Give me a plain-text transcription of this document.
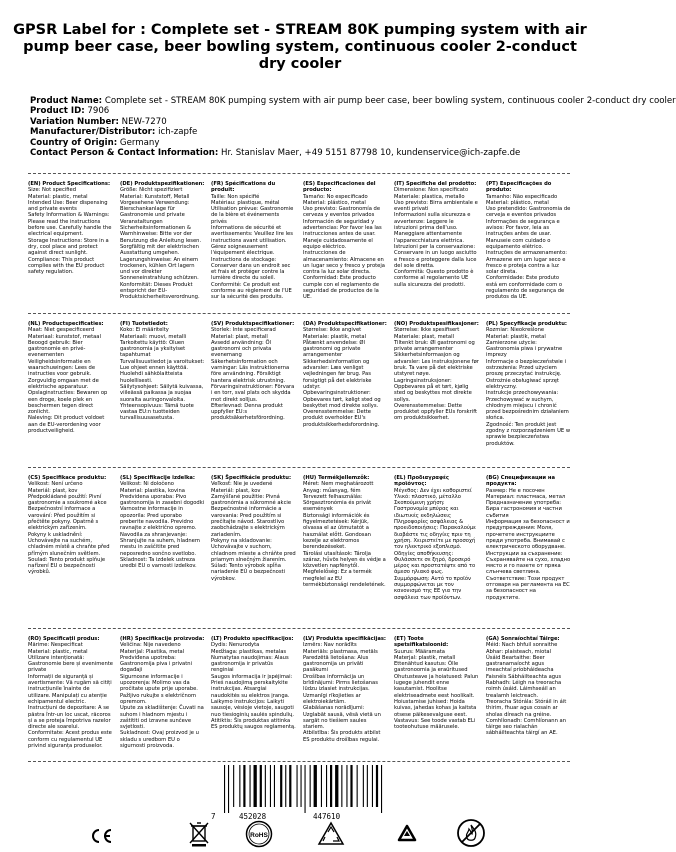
GPSR Label for : Complete set - STREAM 80K pumping system with air
pump beer case, beer bowling system, continuous cooler 2-conduct
dry cooler
Product Name: Complete set - STREAM 80K pumping system with air pump beer case, beer bowling system, continuous cooler 2-conduct dry cooler
Product ID: 7906
Variation Number: NEW-7270
Manufacturer/Distributor: ich-zapfe
Country of Origin: Germany
Contact Person & Contact Information: Hr. Stanislav Maer, +49 5151 87798 10, kundenservice@ich-zapfe.de
(EN) Product Specifications:
Size: Not specified
Material: plastic, metal
Intended Use: Beer dispensing and private events
Safety Information & Warnings: Please read the instructions before use. Carefully handle the electrical equipment.
Storage Instructions: Store in a dry, cool place and protect against direct sunlight.
Compliance: This product complies with the EU product safety regulation.
(DE) Produktspezifikationen:
Größe: Nicht spezifiziert
Material: Kunststoff, Metall
Vorgesehene Verwendung: Bierschankanlage für Gastronomie und private Veranstaltungen
Sicherheitsinformationen & Warnhinweise: Bitte vor der Benutzung die Anleitung lesen. Sorgfältig mit der elektrischen Ausstattung umgehen.
Lagerungshinweise: An einem trockenen, kühlen Ort lagern und vor direkter Sonneneinstrahlung schützen.
Konformität: Dieses Produkt entspricht der EU-Produktsicherheitsverordnung.
(FR) Spécifications du produit:
Taille: Non spécifié
Matériau: plastique, métal
Utilisation prévue: Gastronomie de la bière et événements privés
Informations de sécurité et avertissements: Veuillez lire les instructions avant utilisation. Gérez soigneusement l'équipement électrique.
Instructions de stockage: Conserver dans un endroit sec et frais et protéger contre la lumière directe du soleil.
Conformité: Ce produit est conforme au règlement de l'UE sur la sécurité des produits.
(ES) Especificaciones del producto:
Tamaño: No especificado
Material: plástico, metal
Uso previsto: Gastronomía de cerveza y eventos privados
Información de seguridad y advertencias: Por favor lea las instrucciones antes de usar. Maneje cuidadosamente el equipo eléctrico.
Instrucciones de almacenamiento: Almacene en un lugar seco y fresco y proteja contra la luz solar directa.
Conformidad: Este producto cumple con el reglamento de seguridad de productos de la UE.
(IT) Specifiche del prodotto:
Dimensione: Non specificato
Materiale: plastica, metallo
Uso previsto: Birra ambientale e eventi privati
Informazioni sulla sicurezza e avvertenze: Leggere le istruzioni prima dell'uso. Maneggiare attentamente l'apparecchiatura elettrica.
Istruzioni per la conservazione: Conservare in un luogo asciutto e fresco e proteggere dalla luce del sole diretta.
Conformità: Questo prodotto è conforme al regolamento UE sulla sicurezza dei prodotti.
(PT) Especificações do produto:
Tamanho: Não especificado
Material: plástico, metal
Uso pretendido: Gastronomia de cerveja e eventos privados
Informações de segurança e avisos: Por favor, leia as instruções antes de usar. Manuseie com cuidado o equipamento elétrico.
Instruções de armazenamento: Armazene em um lugar seco e fresco e proteja contra a luz solar direta.
Conformidade: Este produto está em conformidade com o regulamento de segurança de produtos da UE.
(NL) Productspecificaties:
Maat: Niet gespecificeerd
Materiaal: kunststof, metaal
Beoogd gebruik: Bier gastronomie en privé-evenementen
Veiligheidsinformatie en waarschuwingen: Lees de instructies voor gebruik. Zorgvuldig omgaan met de elektrische apparatuur.
Opslaginstructies: Bewaren op een droge, koele plek en beschermen tegen direct zonlicht.
Naleving: Dit product voldoet aan de EU-verordening voor productveiligheid.
(FI) Tuotetiedot:
Koko: Ei määritelty
Materiaali: muovi, metalli
Tarkoitettu käyttö: Oluen gastronomia ja yksityiset tapahtumat
Turvallisuustiedot ja varoitukset: Lue ohjeet ennen käyttöä. Huolehdi sähkölaitteista huolellisesti.
Säilytysohjeet: Säilytä kuivassa, viileässä paikassa ja suojaa suoralta auringonvalolta.
Yhteensopivuus: Tämä tuote vastaa EU:n tuotteiden turvallisuusasetusta.
(SV) Produktspecifikationer:
Storlek: Inte specificerad
Material: plast, metall
Avsedd användning: Öl gastronomi och privata evenemang
Säkerhetsinformation och varningar: Läs instruktionerna före användning. Försiktigt hantera elektrisk utrustning.
Förvaringsinstruktioner: Förvara i en torr, sval plats och skydda mot direkt solljus.
Efterlevnad: Denna produkt uppfyller EU:s produktsäkerhetsförordning.
(DA) Produktspecifikationer:
Størrelse: Ikke angivet
Materiale: plastik, metal
Påtænkt anvendelse: Øl gastronomi og private arrangementer
Sikkerhedsinformation og advarsler: Læs venligst vejledningen før brug. Pas forsigtigt på det elektriske udstyr.
Opbevaringsinstruktioner: Opbevares tørt, køligt sted og beskyttet mod direkte sollys.
Overensstemmelse: Dette produkt overholder EU's produktsikkerhedsforordning.
(NO) Produktspesifikasjoner:
Størrelse: Ikke spesifisert
Materiale: plast, metall
Tiltenkt bruk: Øl gastronomi og private arrangementer
Sikkerhetsinformasjon og advarsler: Les instruksjonene før bruk. Ta vare på det elektriske utstyret nøye.
Lagringsinstruksjoner: Oppbevares på et tørt, kjølig sted og beskyttes mot direkte sollys.
Overensstemmelse: Dette produktet oppfyller EUs forskrift om produktsikkerhet.
(PL) Specyfikacje produktu:
Rozmiar: Nieokreślone
Materiał: plastik, metal
Zamierzone użycie: Gastronomia piwa i prywatne imprezy
Informacje o bezpieczeństwie i ostrzeżenia: Przed użyciem proszę przeczytać instrukcję. Ostrożnie obsługiwać sprzęt elektryczny.
Instrukcje przechowywania: Przechowywać w suchym, chłodnym miejscu i chronić przed bezpośrednim działaniem słońca.
Zgodność: Ten produkt jest zgodny z rozporządzeniem UE w sprawie bezpieczeństwa produktów.
(CS) Specifikace produktu:
Velikost: Není určeno
Materiál: plast, kov
Předpokládané použití: Pivní gastronomie a soukromé akce
Bezpečnostní informace a varování: Před použitím si přečtěte pokyny. Opatrně s elektrickým zařízením.
Pokyny k uskladnění: Uchovávejte na suchém, chladném místě a chraňte před přímým slunečním světlem.
Soulad: Tento produkt splňuje nařízení EU o bezpečnosti výrobků.
(SL) Specifikacije izdelka:
Velikost: Ni določeno
Material: plastika, kovina
Predvidena uporaba: Pivo gastronomija in zasebni dogodki
Varnostne informacije in opozorila: Pred uporabo preberite navodila. Previdno ravnajte z električno opremo.
Navodila za shranjevanje: Shranjujte na suhem, hladnem mestu in zaščitite pred neposredno sončno svetlobo.
Skladnost: Ta izdelek ustreza uredbi EU o varnosti izdelkov.
(SK) Špecifikácie produktu:
Veľkosť: Nie je uvedené
Materiál: plast, kov
Zamýšľané použitie: Pivná gastronómia a súkromné akcie
Bezpečnostné informácie a varovania: Pred použitím si prečítajte návod. Starostlivo zaobchádzajte s elektrickým zariadením.
Pokyny na skladovanie: Uchovávajte v suchom, chladnom mieste a chráňte pred priamym slnečným žiarením.
Súlad: Tento výrobok spĺňa nariadenie EÚ o bezpečnosti výrobkov.
(HU) Termékjellemzők:
Méret: Nem meghatározott
Anyag: műanyag, fém
Tervezett felhasználás: Sörgasztronómia és privát események
Biztonsági információk és figyelmeztetések: Kérjük, olvassa el az útmutatót a használat előtt. Gondosan kezelje az elektromos berendezéseket.
Tárolási utasítások: Tárolja száraz, hűvös helyen és védje a közvetlen napfénytől.
Megfelelőség: Ez a termék megfelel az EU termékbiztonsági rendeletének.
(EL) Προδιαγραφές προϊόντος:
Μέγεθος: Δεν έχει καθοριστεί
Υλικό: πλαστικό, μέταλλο
Σκοπούμενη χρήση: Γαστρονομία μπύρας και ιδιωτικές εκδηλώσεις
Πληροφορίες ασφάλειας & προειδοποιήσεις: Παρακαλούμε διαβάστε τις οδηγίες πριν τη χρήση. Χειριστείτε με προσοχή τον ηλεκτρικό εξοπλισμό.
Οδηγίες αποθήκευσης: Φυλάσσετε σε ξηρό, δροσερό μέρος και προστατέψτε από το άμεσο ηλιακό φως.
Συμμόρφωση: Αυτό το προϊόν συμμορφώνεται με τον κανονισμό της ΕΕ για την ασφάλεια των προϊόντων.
(BG) Спецификации на продукта:
Размер: Не е посочен
Материал: пластмаса, метал
Предназначение употреба: Бира гастрономия и частни събития
Информация за безопасност и предупреждения: Моля, прочетете инструкциите преди употреба. Внимавай с електрическото оборудване.
Инструкции за съхранение: Съхранявайте на сухо, хладно място и го пазете от пряка слънчева светлина.
Съответствие: Този продукт отговаря на регламента на ЕС за безопасност на продуктите.
(RO) Specificații produs:
Mărime: Nespecificat
Material: plastic, metal
Utilizare intenționată: Gastronomie bere și evenimente private
Informații de siguranță și avertismente: Vă rugăm să citiți instrucțiunile înainte de utilizare. Manipulați cu atenție echipamentul electric.
Instrucțiuni de depozitare: A se păstra într-un loc uscat, răcoros și a se proteja împotriva razelor directe ale soarelui.
Conformitate: Acest produs este conform cu regulamentul UE privind siguranța produselor.
(HR) Specifikacije proizvoda:
Veličina: Nije navedeno
Materijal: Plastika, metal
Predviđena upotreba: Gastronomija piva i privatni događaji
Sigurnosne informacije i upozorenja: Molimo vas da pročitate upute prije uporabe. Pažljivo rukujte s električnom opremom.
Upute za skladištenje: Čuvati na suhom i hladnom mjestu i zaštititi od izravne sunčeve svjetlosti.
Sukladnost: Ovaj proizvod je u skladu s uredbom EU o sigurnosti proizvoda.
(LT) Produkto specifikacijos:
Dydis: Nenurodyta
Medžiaga: plastikas, metalas
Numatytas naudojimas: Alaus gastronomija ir privatūs renginiai
Saugos informacija ir įspėjimai: Prieš naudojimą perskaitykite instrukcijas. Atsargiai naudokitės su elektros įranga.
Laikymo instrukcijos: Laikyti sausoje, vėsioje vietoje, saugoti nuo tiesioginių saulės spindulių.
Atitiktis: Šis produktas atitinka ES produktų saugos reglamentą.
(LV) Produkta specifikācijas:
Izmērs: Nav norādīts
Materiāls: plastmasa, metāls
Paredzētā lietošana: Alus gastronomija un privāti pasākumi
Drošības informācija un brīdinājumi: Pirms lietošanas lūdzu izlasiet instrukcijas. Uzmanīgi rīkojieties ar elektroiekārtām.
Glabāšanas norādījumi: Uzglabāt sausā, vēsā vietā un sargāt no tiešiem saules stariem.
Atbilstība: Šis produkts atbilst ES produktu drošības regulai.
(ET) Toote spetsifikatsioonid:
Suurus: Määramata
Materjal: plastik, metall
Ettenähtud kasutus: Õlle gastronoomia ja eraüritused
Ohutusteave ja hoiatused: Palun lugege juhendit enne kasutamist. Hoolitse elektriseadmete eest hoolikalt.
Hoiustamise juhised: Hoida kuivas, jahedas kohas ja kaitsta otsese päikesevalguse eest.
Vastavus: See toode vastab ELi tooteohutuse määrusele.
(GA) Sonraíochtaí Táirge:
Méid: Nach bhfuil sonraithe
Abhar: plaisteach, miotal
Úsáid Beartaithe: Beer gastranamaíocht agus imeachtaí príobháideacha
Faisnéis Sábháilteachta agus Rabhadh: Léigh na treoracha roimh úsáid. Láimhseáil an trealamh leictreach.
Treoracha Stórála: Stóráil in áit thirim, fhuar agus cosain ar sholas díreach na gréine.
Comhlíonadh: Comhlíonann an táirge seo rialachán sábháilteachta táirgí an AE.
7	452028	447610
RoHS
